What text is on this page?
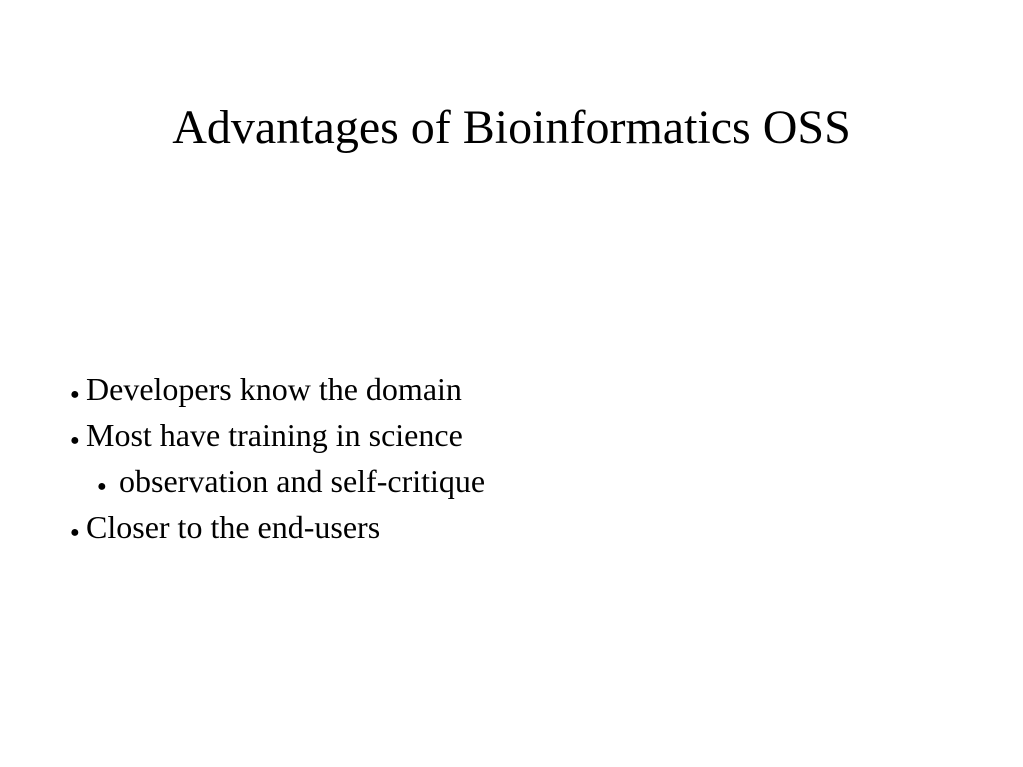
Advantages of Bioinformatics OSS
● Developers know the domain
● Most have training in science
● observation and self-critique
● Closer to the end-users
